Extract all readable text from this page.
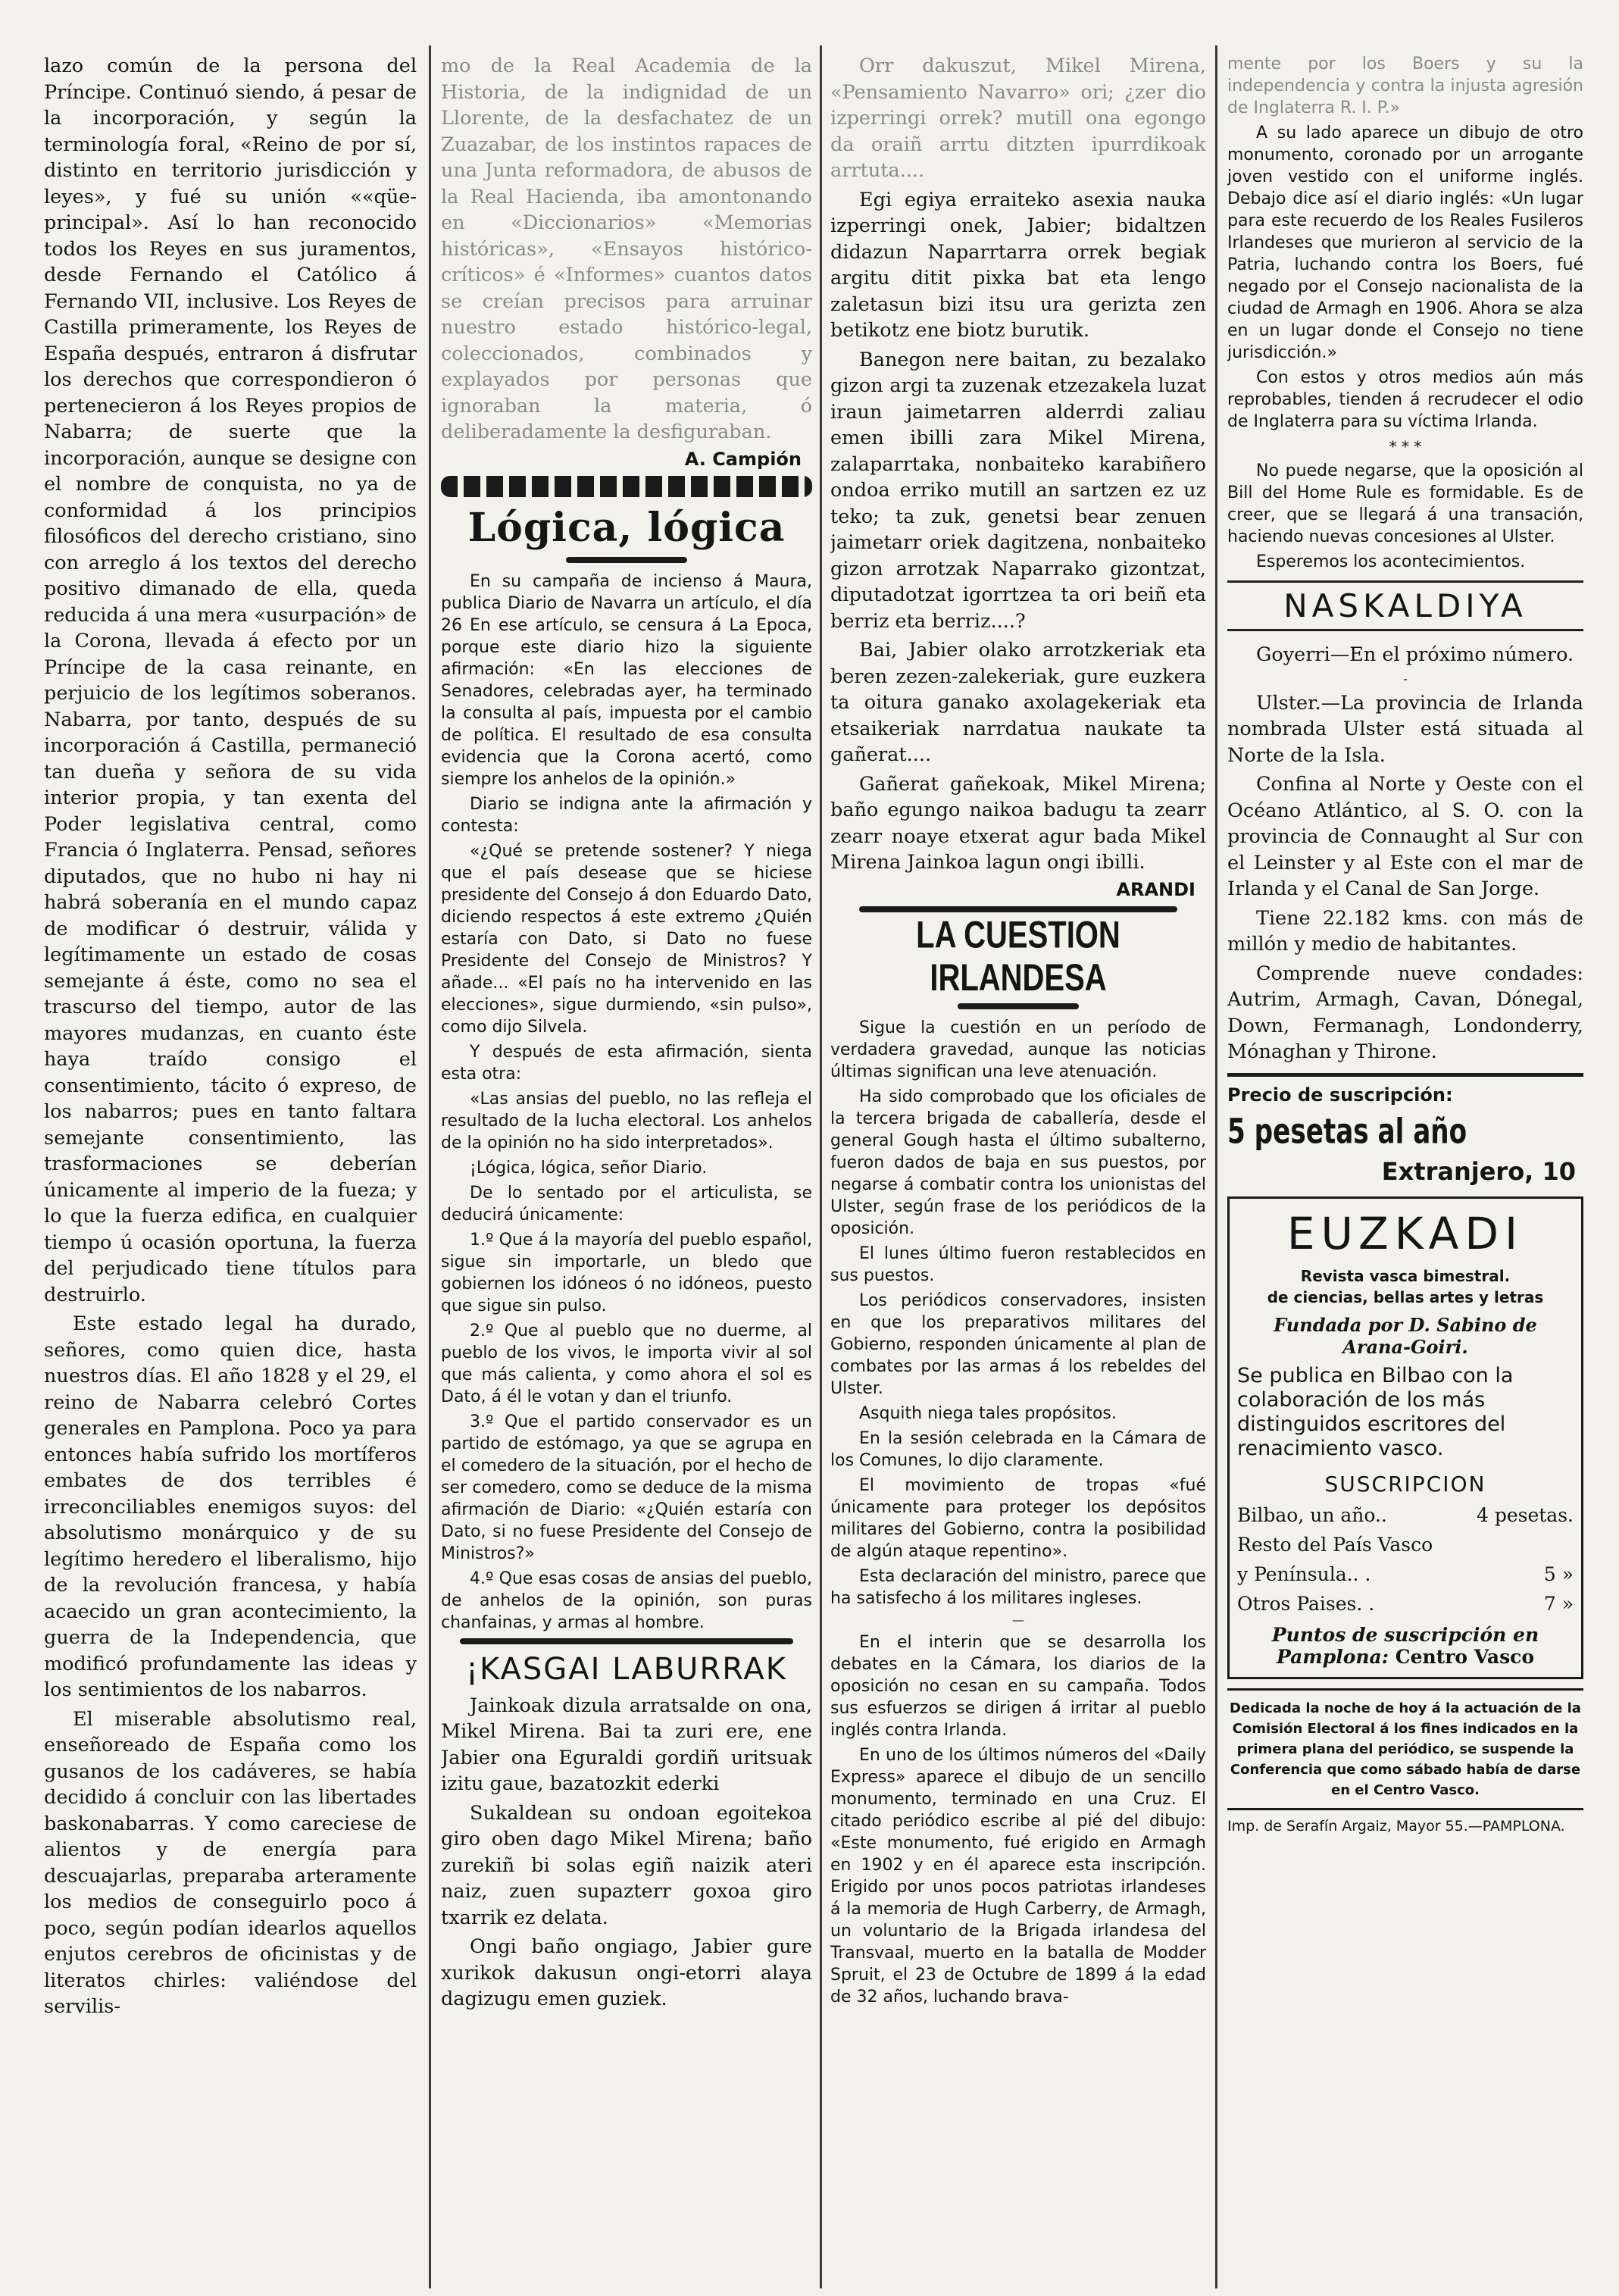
lazo común de la persona del Príncipe. Continuó siendo, á pesar de la incorporación, y según la terminología foral, «Reino de por sí, distinto en territorio jurisdicción y leyes», y fué su unión ««qüe-principal». Así lo han reconocido todos los Reyes en sus juramentos, desde Fernando el Católico á Fernando VII, inclusive. Los Reyes de Castilla primeramente, los Reyes de España después, entraron á disfrutar los derechos que correspondieron ó pertenecieron á los Reyes propios de Nabarra; de suerte que la incorporación, aunque se designe con el nombre de conquista, no ya de conformidad á los principios filosóficos del derecho cristiano, sino con arreglo á los textos del derecho positivo dimanado de ella, queda reducida á una mera «usurpación» de la Corona, llevada á efecto por un Príncipe de la casa reinante, en perjuicio de los legítimos soberanos. Nabarra, por tanto, después de su incorporación á Castilla, permaneció tan dueña y señora de su vida interior propia, y tan exenta del Poder legislativa central, como Francia ó Inglaterra. Pensad, señores diputados, que no hubo ni hay ni habrá soberanía en el mundo capaz de modificar ó destruir, válida y legítimamente un estado de cosas semejante á éste, como no sea el trascurso del tiempo, autor de las mayores mudanzas, en cuanto éste haya traído consigo el consentimiento, tácito ó expreso, de los nabarros; pues en tanto faltara semejante consentimiento, las trasformaciones se deberían únicamente al imperio de la fueza; y lo que la fuerza edifica, en cualquier tiempo ú ocasión oportuna, la fuerza del perjudicado tiene títulos para destruirlo.

Este estado legal ha durado, señores, como quien dice, hasta nuestros días. El año 1828 y el 29, el reino de Nabarra celebró Cortes generales en Pamplona. Poco ya para entonces había sufrido los mortíferos embates de dos terribles é irreconciliables enemigos suyos: del absolutismo monárquico y de su legítimo heredero el liberalismo, hijo de la revolución francesa, y había acaecido un gran acontecimiento, la guerra de la Independencia, que modificó profundamente las ideas y los sentimientos de los nabarros.

El miserable absolutismo real, enseñoreado de España como los gusanos de los cadáveres, se había decidido á concluir con las libertades baskonabarras. Y como careciese de alientos y de energía para descuajarlas, preparaba arteramente los medios de conseguirlo poco á poco, según podían idearlos aquellos enjutos cerebros de oficinistas y de literatos chirles: valiéndose del servilis-

mo de la Real Academia de la Historia, de la indignidad de un Llorente, de la desfachatez de un Zuazabar, de los instintos rapaces de una Junta reformadora, de abusos de la Real Hacienda, iba amontonando en «Diccionarios» «Memorias históricas», «Ensayos histórico-críticos» é «Informes» cuantos datos se creían precisos para arruinar nuestro estado histórico-legal, coleccionados, combinados y explayados por personas que ignoraban la materia, ó deliberadamente la desfiguraban.

A. Campión
Lógica, lógica

En su campaña de incienso á Maura, publica Diario de Navarra un artículo, el día 26 En ese artículo, se censura á La Epoca, porque este diario hizo la siguiente afirmación: «En las elecciones de Senadores, celebradas ayer, ha terminado la consulta al país, impuesta por el cambio de política. El resultado de esa consulta evidencia que la Corona acertó, como siempre los anhelos de la opinión.»

Diario se indigna ante la afirmación y contesta:

«¿Qué se pretende sostener? Y niega que el país desease que se hiciese presidente del Consejo á don Eduardo Dato, diciendo respectos á este extremo ¿Quién estaría con Dato, si Dato no fuese Presidente del Consejo de Ministros? Y añade... «El país no ha intervenido en las elecciones», sigue durmiendo, «sin pulso», como dijo Silvela.

Y después de esta afirmación, sienta esta otra:

«Las ansias del pueblo, no las refleja el resultado de la lucha electoral. Los anhelos de la opinión no ha sido interpretados».

¡Lógica, lógica, señor Diario.

De lo sentado por el articulista, se deducirá únicamente:

1.º Que á la mayoría del pueblo español, sigue sin importarle, un bledo que gobiernen los idóneos ó no idóneos, puesto que sigue sin pulso.

2.º Que al pueblo que no duerme, al pueblo de los vivos, le importa vivir al sol que más calienta, y como ahora el sol es Dato, á él le votan y dan el triunfo.

3.º Que el partido conservador es un partido de estómago, ya que se agrupa en el comedero de la situación, por el hecho de ser comedero, como se deduce de la misma afirmación de Diario: «¿Quién estaría con Dato, si no fuese Presidente del Consejo de Ministros?»

4.º Que esas cosas de ansias del pueblo, de anhelos de la opinión, son puras chanfainas, y armas al hombre.

¡KASGAI LABURRAK

Jainkoak dizula arratsalde on ona, Mikel Mirena. Bai ta zuri ere, ene Jabier ona Eguraldi gordiñ uritsuak izitu gaue, bazatozkit ederki

Sukaldean su ondoan egoitekoa giro oben dago Mikel Mirena; baño zurekiñ bi solas egiñ naizik ateri naiz, zuen supazterr goxoa giro txarrik ez delata.

Ongi baño ongiago, Jabier gure xurikok dakusun ongi-etorri alaya dagizugu emen guziek.

Orr dakuszut, Mikel Mirena, «Pensamiento Navarro» ori; ¿zer dio izperringi orrek? mutill ona egongo da oraiñ arrtu ditzten ipurrdikoak arrtuta....

Egi egiya erraiteko asexia nauka izperringi onek, Jabier; bidaltzen didazun Naparrtarra orrek begiak argitu ditit pixka bat eta lengo zaletasun bizi itsu ura gerizta zen betikotz ene biotz burutik.

Banegon nere baitan, zu bezalako gizon argi ta zuzenak etzezakela luzat iraun jaimetarren alderrdi zaliau emen ibilli zara Mikel Mirena, zalaparrtaka, nonbaiteko karabiñero ondoa erriko mutill an sartzen ez uz teko; ta zuk, genetsi bear zenuen jaimetarr oriek dagitzena, nonbaiteko gizon arrotzak Naparrako gizontzat, diputadotzat igorrtzea ta ori beiñ eta berriz eta berriz....?

Bai, Jabier olako arrotzkeriak eta beren zezen-zalekeriak, gure euzkera ta oitura ganako axolagekeriak eta etsaikeriak narrdatua naukate ta gañerat....

Gañerat gañekoak, Mikel Mirena; baño egungo naikoa badugu ta zearr zearr noaye etxerat agur bada Mikel Mirena Jainkoa lagun ongi ibilli.

ARANDI
LA CUESTION IRLANDESA

Sigue la cuestión en un período de verdadera gravedad, aunque las noticias últimas significan una leve atenuación.

Ha sido comprobado que los oficiales de la tercera brigada de caballería, desde el general Gough hasta el último subalterno, fueron dados de baja en sus puestos, por negarse á combatir contra los unionistas del Ulster, según frase de los periódicos de la oposición.

El lunes último fueron restablecidos en sus puestos.

Los periódicos conservadores, insisten en que los preparativos militares del Gobierno, responden únicamente al plan de combates por las armas á los rebeldes del Ulster.

Asquith niega tales propósitos.

En la sesión celebrada en la Cámara de los Comunes, lo dijo claramente.

El movimiento de tropas «fué únicamente para proteger los depósitos militares del Gobierno, contra la posibilidad de algún ataque repentino».

Esta declaración del ministro, parece que ha satisfecho á los militares ingleses.

—

En el interin que se desarrolla los debates en la Cámara, los diarios de la oposición no cesan en su campaña. Todos sus esfuerzos se dirigen á irritar al pueblo inglés contra Irlanda.

En uno de los últimos números del «Daily Express» aparece el dibujo de un sencillo monumento, terminado en una Cruz. El citado periódico escribe al pié del dibujo: «Este monumento, fué erigido en Armagh en 1902 y en él aparece esta inscripción. Erigido por unos pocos patriotas irlandeses á la memoria de Hugh Carberry, de Armagh, un voluntario de la Brigada irlandesa del Transvaal, muerto en la batalla de Modder Spruit, el 23 de Octubre de 1899 á la edad de 32 años, luchando brava-

mente por los Boers y su la independencia y contra la injusta agresión de Inglaterra R. I. P.»

A su lado aparece un dibujo de otro monumento, coronado por un arrogante joven vestido con el uniforme inglés. Debajo dice así el diario inglés: «Un lugar para este recuerdo de los Reales Fusileros Irlandeses que murieron al servicio de la Patria, luchando contra los Boers, fué negado por el Consejo nacionalista de la ciudad de Armagh en 1906. Ahora se alza en un lugar donde el Consejo no tiene jurisdicción.»

Con estos y otros medios aún más reprobables, tienden á recrudecer el odio de Inglaterra para su víctima Irlanda.

* * *

No puede negarse, que la oposición al Bill del Home Rule es formidable. Es de creer, que se llegará á una transación, haciendo nuevas concesiones al Ulster.

Esperemos los acontecimientos.

NASKALDIYA

Goyerri—En el próximo número.

-

Ulster.—La provincia de Irlanda nombrada Ulster está situada al Norte de la Isla.

Confina al Norte y Oeste con el Océano Atlántico, al S. O. con la provincia de Connaught al Sur con el Leinster y al Este con el mar de Irlanda y el Canal de San Jorge.

Tiene 22.182 kms. con más de millón y medio de habitantes.

Comprende nueve condades: Autrim, Armagh, Cavan, Dónegal, Down, Fermanagh, Londonderry, Mónaghan y Thirone.

Precio de suscripción:
5 pesetas al año
Extranjero, 10
EUZKADI
Revista vasca bimestral.
de ciencias, bellas artes y letras
Fundada por D. Sabino de Arana-Goiri.
Se publica en Bilbao con la colaboración de los más distinguidos escritores del renacimiento vasco.
SUSCRIPCION
Bilbao, un año..	4 pesetas.
Resto del País Vasco
y Península.. .	5 »
Otros Paises. .	7 »
Puntos de suscripción en Pamplona: Centro Vasco

Dedicada la noche de hoy á la actuación de la Comisión Electoral á los fines indicados en la primera plana del periódico, se suspende la Conferencia que como sábado había de darse en el Centro Vasco.

Imp. de Serafín Argaiz, Mayor 55.—PAMPLONA.
